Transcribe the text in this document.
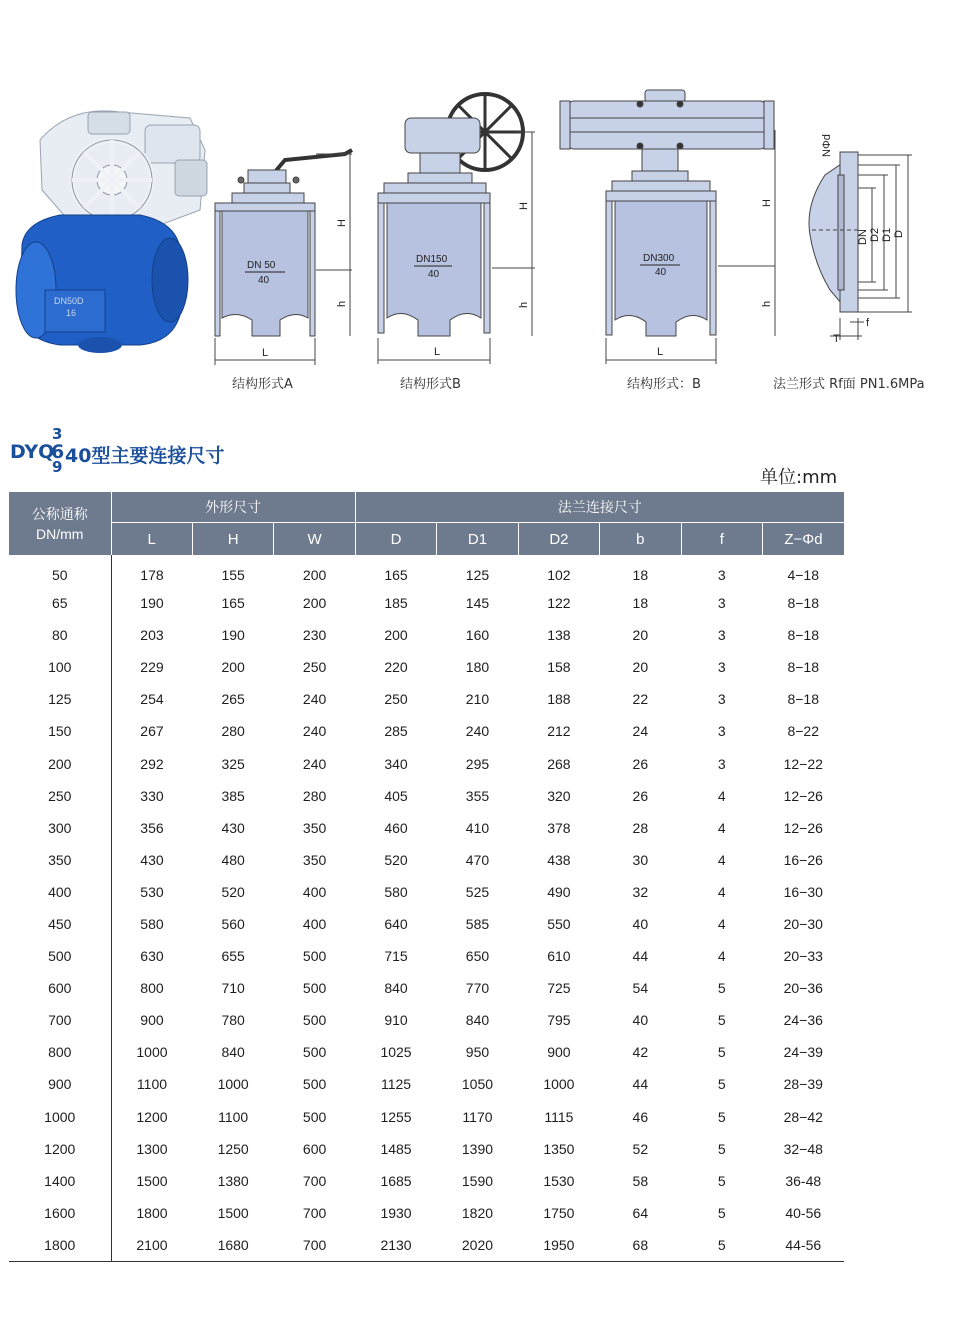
DN50D
16
DN 50
40
H
h
L
DN150
40
H
h
L
DN300
40
H
h
L
DN D2 D1 D
NΦd
T
f
结构形式A	结构形式B	结构形式：B	法兰形式 Rf面 PN1.6MPa
DYQ
3
6
9 40型主要连接尺寸
单位:mm
公称通称
DN/mm	外形尺寸			法兰连接尺寸					
	L	H	W	D	D1	D2	b	f	Z−Φd
50	178	155	200	165	125	102	18	3	4−18
65	190	165	200	185	145	122	18	3	8−18
80	203	190	230	200	160	138	20	3	8−18
100	229	200	250	220	180	158	20	3	8−18
125	254	265	240	250	210	188	22	3	8−18
150	267	280	240	285	240	212	24	3	8−22
200	292	325	240	340	295	268	26	3	12−22
250	330	385	280	405	355	320	26	4	12−26
300	356	430	350	460	410	378	28	4	12−26
350	430	480	350	520	470	438	30	4	16−26
400	530	520	400	580	525	490	32	4	16−30
450	580	560	400	640	585	550	40	4	20−30
500	630	655	500	715	650	610	44	4	20−33
600	800	710	500	840	770	725	54	5	20−36
700	900	780	500	910	840	795	40	5	24−36
800	1000	840	500	1025	950	900	42	5	24−39
900	1100	1000	500	1125	1050	1000	44	5	28−39
1000	1200	1100	500	1255	1170	1115	46	5	28−42
1200	1300	1250	600	1485	1390	1350	52	5	32−48
1400	1500	1380	700	1685	1590	1530	58	5	36-48
1600	1800	1500	700	1930	1820	1750	64	5	40-56
1800	2100	1680	700	2130	2020	1950	68	5	44-56
